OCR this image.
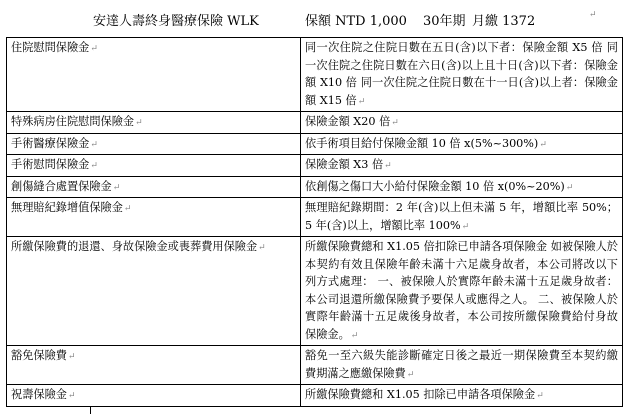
安達人壽終身醫療保險 WLK	保額 NTD 1,000 30年期 月繳 1372	↵
住院慰問保險金↵	同一次住院之住院日數在五日(含)以下者：保險金額 X5 倍 同一次住院之住院日數在六日(含)以上且十日(含)以下者：保險金額 X10 倍 同一次住院之住院日數在十一日(含)以上者：保險金額 X15 倍↵
特殊病房住院慰問保險金↵	保險金額 X20 倍↵
手術醫療保險金↵	依手術項目給付保險金額 10 倍 x(5%~300%)↵
手術慰問保險金↵	保險金額 X3 倍↵
創傷縫合處置保險金↵	依創傷之傷口大小給付保險金額 10 倍 x(0%~20%)↵
無理賠紀錄增值保險金↵	無理賠紀錄期間：2 年(含)以上但未滿 5 年，增額比率 50%；5 年(含)以上，增額比率 100%↵
所繳保險費的退還、身故保險金或喪葬費用保險金↵	所繳保險費總和 X1.05 倍扣除已申請各項保險金 如被保險人於本契約有效且保險年齡未滿十六足歲身故者，本公司將改以下列方式處理： 一、被保險人於實際年齡未滿十五足歲身故者：本公司退還所繳保險費予要保人或應得之人。 二、被保險人於實際年齡滿十五足歲後身故者，本公司按所繳保險費給付身故保險金。↵
豁免保險費↵	豁免一至六級失能診斷確定日後之最近一期保險費至本契約繳費期滿之應繳保險費↵
祝壽保險金↵	所繳保險費總和 X1.05 扣除已申請各項保險金↵
